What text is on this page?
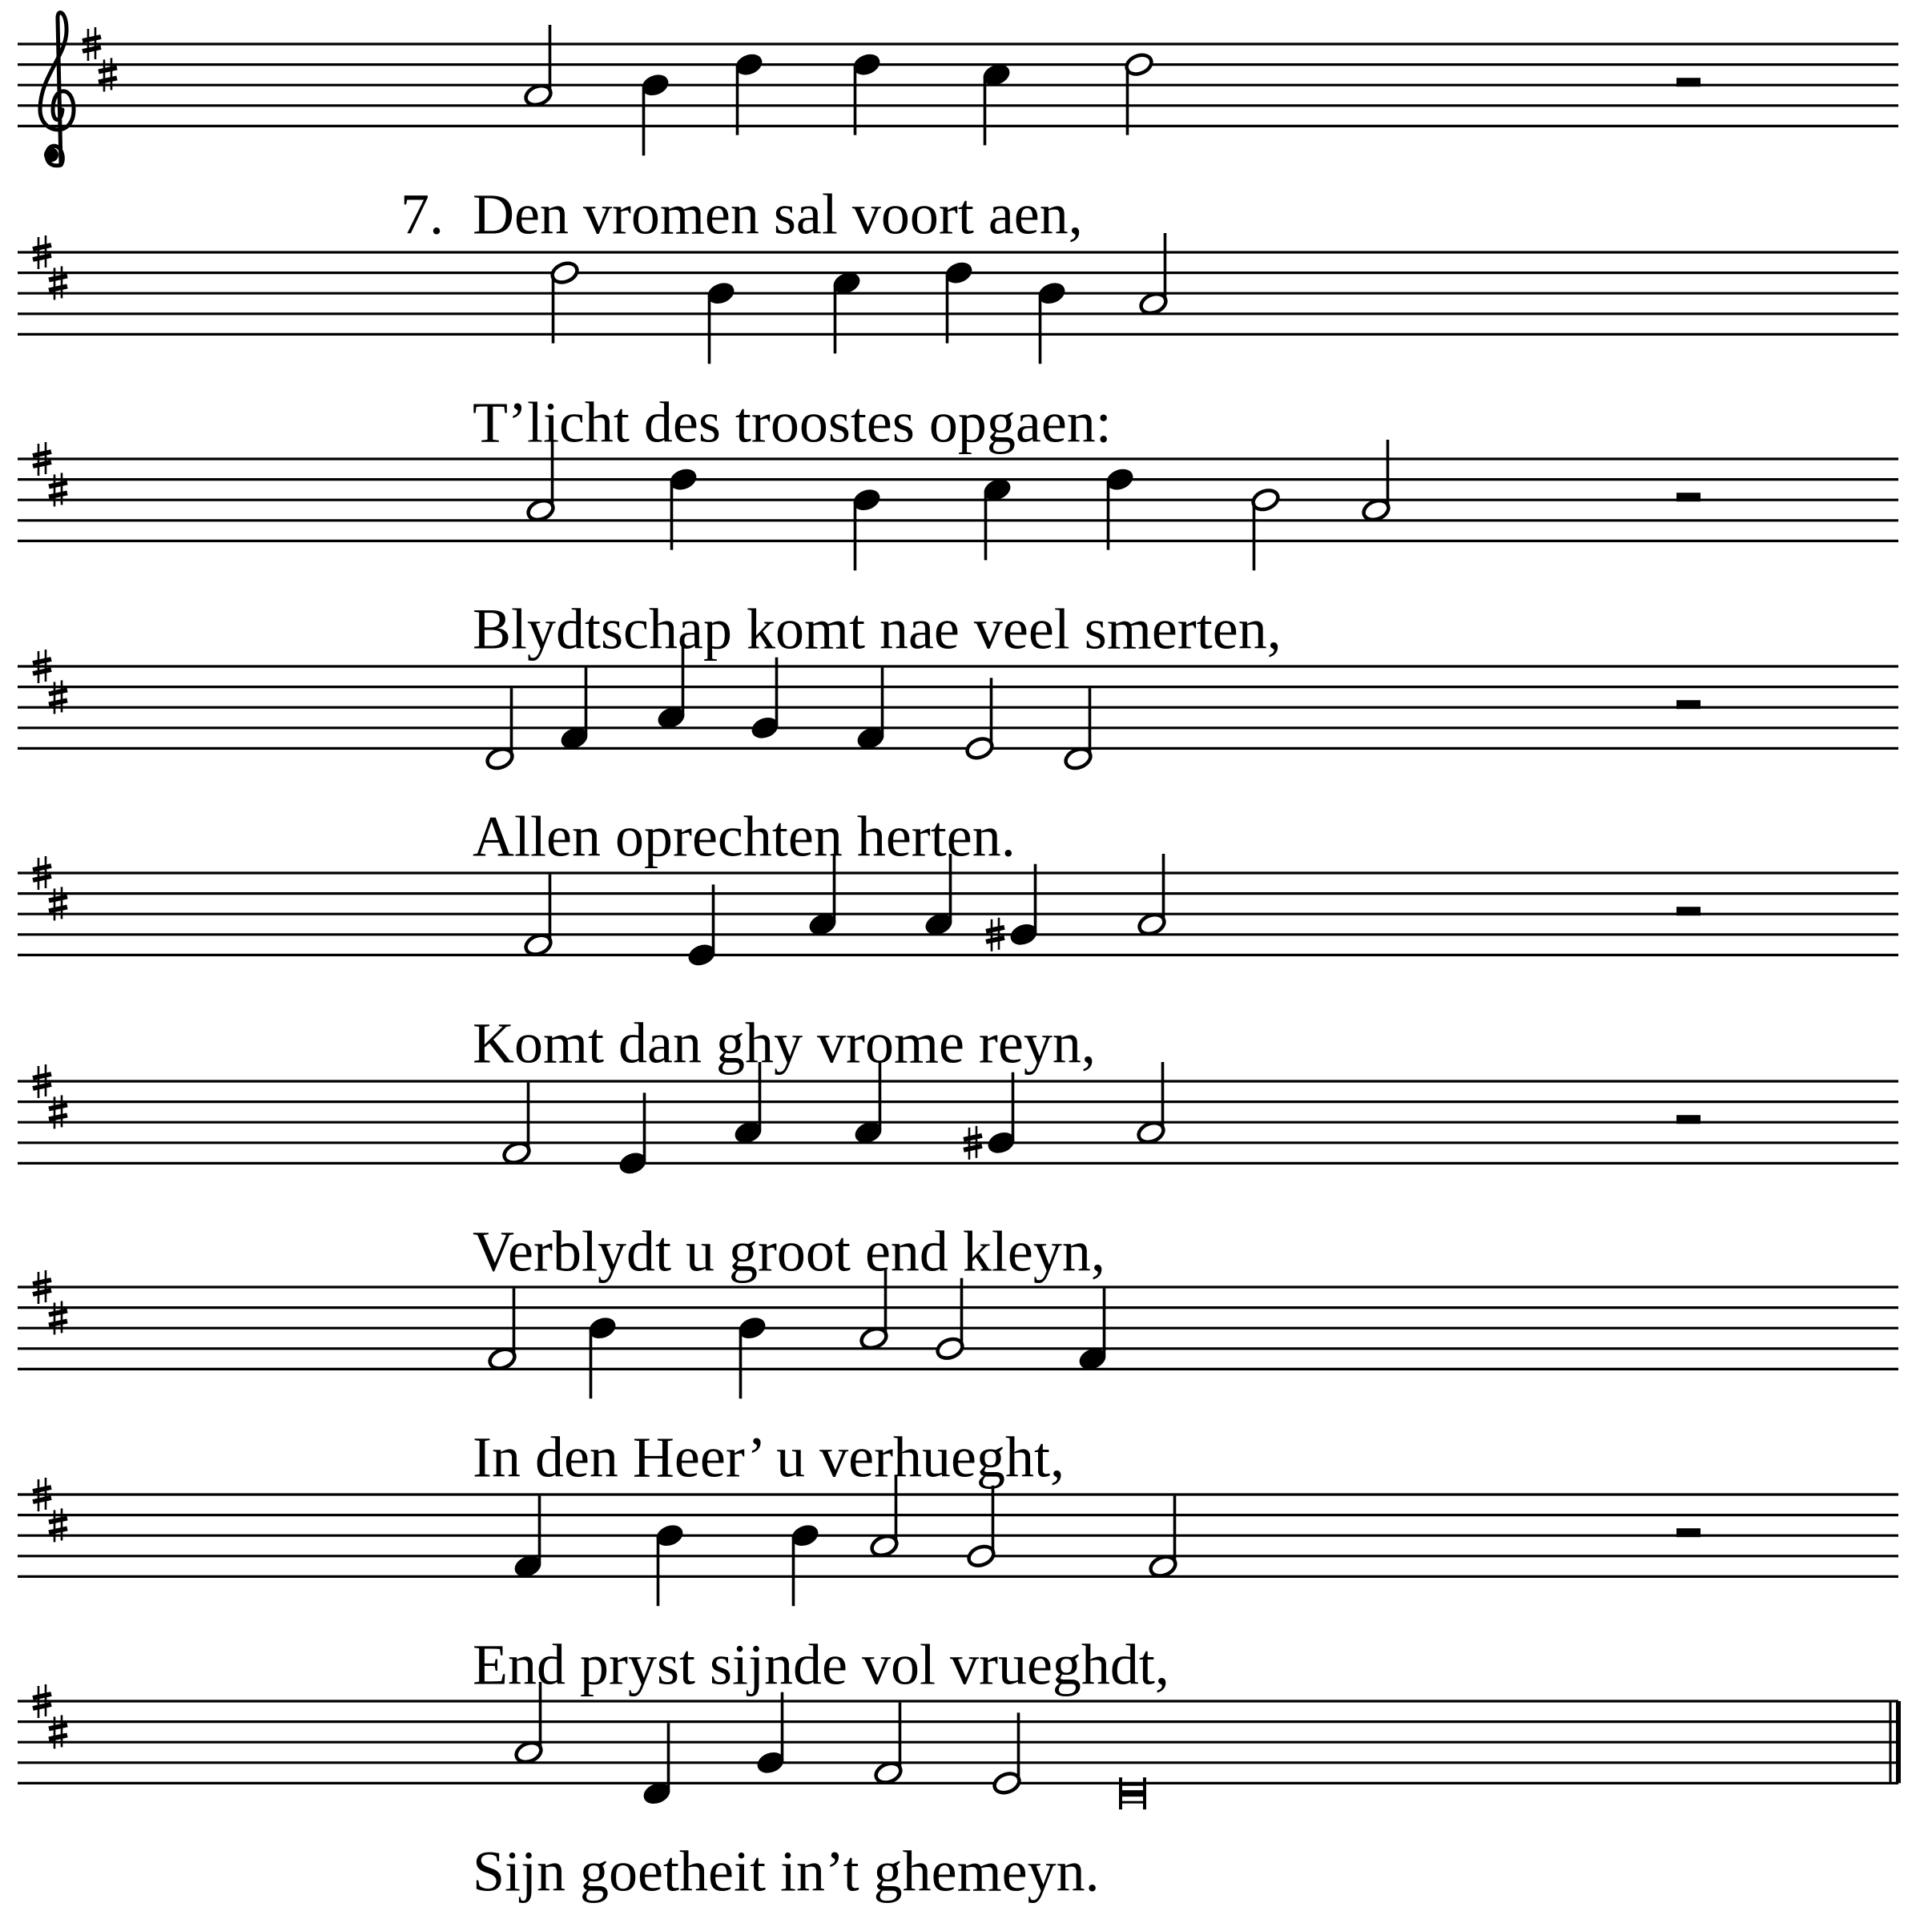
7. Den vromen sal voort aen,
T’licht des troostes opgaen:
Blydtschap komt nae veel smerten,
Allen oprechten herten.
Komt dan ghy vrome reyn,
Verblydt u groot end kleyn,
In den Heer’ u verhueght,
End pryst sijnde vol vrueghdt,
Sijn goetheit in’t ghemeyn.
